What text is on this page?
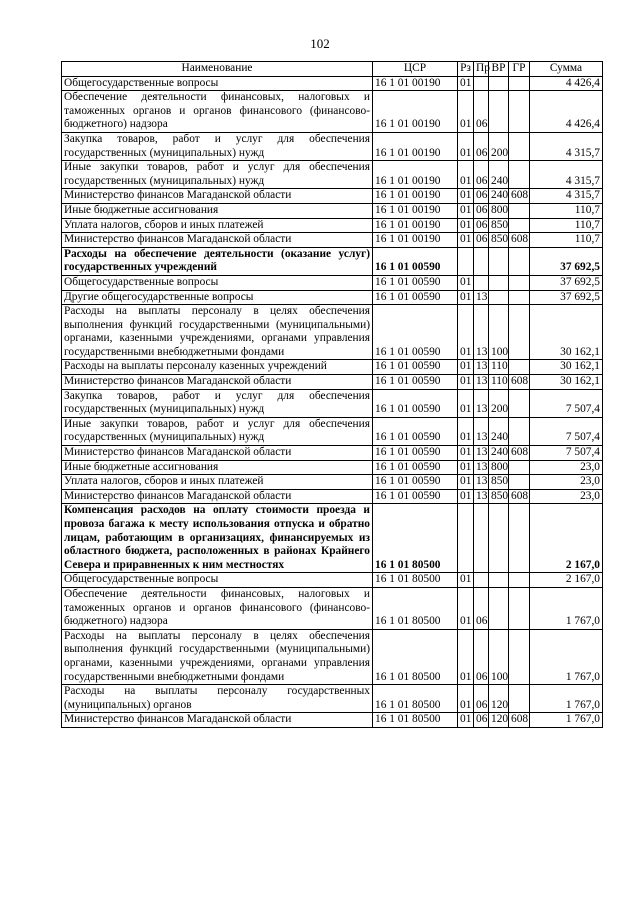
102
Наименование	ЦСР	Рз	Пр	ВР	ГР	Сумма
Общегосударственные вопросы	16 1 01 00190	01				4 426,4
Обеспечение деятельности финансовых, налоговых и таможенных органов и органов финансового (финансово-бюджетного) надзора	16 1 01 00190	01	06			4 426,4
Закупка товаров, работ и услуг для обеспечения государственных (муниципальных) нужд	16 1 01 00190	01	06	200		4 315,7
Иные закупки товаров, работ и услуг для обеспечения государственных (муниципальных) нужд	16 1 01 00190	01	06	240		4 315,7
Министерство финансов Магаданской области	16 1 01 00190	01	06	240	608	4 315,7
Иные бюджетные ассигнования	16 1 01 00190	01	06	800		110,7
Уплата налогов, сборов и иных платежей	16 1 01 00190	01	06	850		110,7
Министерство финансов Магаданской области	16 1 01 00190	01	06	850	608	110,7
Расходы на обеспечение деятельности (оказание услуг) государственных учреждений	16 1 01 00590					37 692,5
Общегосударственные вопросы	16 1 01 00590	01				37 692,5
Другие общегосударственные вопросы	16 1 01 00590	01	13			37 692,5
Расходы на выплаты персоналу в целях обеспечения выполнения функций государственными (муниципальными) органами, казенными учреждениями, органами управления государственными внебюджетными фондами	16 1 01 00590	01	13	100		30 162,1
Расходы на выплаты персоналу казенных учреждений	16 1 01 00590	01	13	110		30 162,1
Министерство финансов Магаданской области	16 1 01 00590	01	13	110	608	30 162,1
Закупка товаров, работ и услуг для обеспечения государственных (муниципальных) нужд	16 1 01 00590	01	13	200		7 507,4
Иные закупки товаров, работ и услуг для обеспечения государственных (муниципальных) нужд	16 1 01 00590	01	13	240		7 507,4
Министерство финансов Магаданской области	16 1 01 00590	01	13	240	608	7 507,4
Иные бюджетные ассигнования	16 1 01 00590	01	13	800		23,0
Уплата налогов, сборов и иных платежей	16 1 01 00590	01	13	850		23,0
Министерство финансов Магаданской области	16 1 01 00590	01	13	850	608	23,0
Компенсация расходов на оплату стоимости проезда и провоза багажа к месту использования отпуска и обратно лицам, работающим в организациях, финансируемых из областного бюджета, расположенных в районах Крайнего Севера и приравненных к ним местностях	16 1 01 80500					2 167,0
Общегосударственные вопросы	16 1 01 80500	01				2 167,0
Обеспечение деятельности финансовых, налоговых и таможенных органов и органов финансового (финансово-бюджетного) надзора	16 1 01 80500	01	06			1 767,0
Расходы на выплаты персоналу в целях обеспечения выполнения функций государственными (муниципальными) органами, казенными учреждениями, органами управления государственными внебюджетными фондами	16 1 01 80500	01	06	100		1 767,0
Расходы на выплаты персоналу государственных (муниципальных) органов	16 1 01 80500	01	06	120		1 767,0
Министерство финансов Магаданской области	16 1 01 80500	01	06	120	608	1 767,0
